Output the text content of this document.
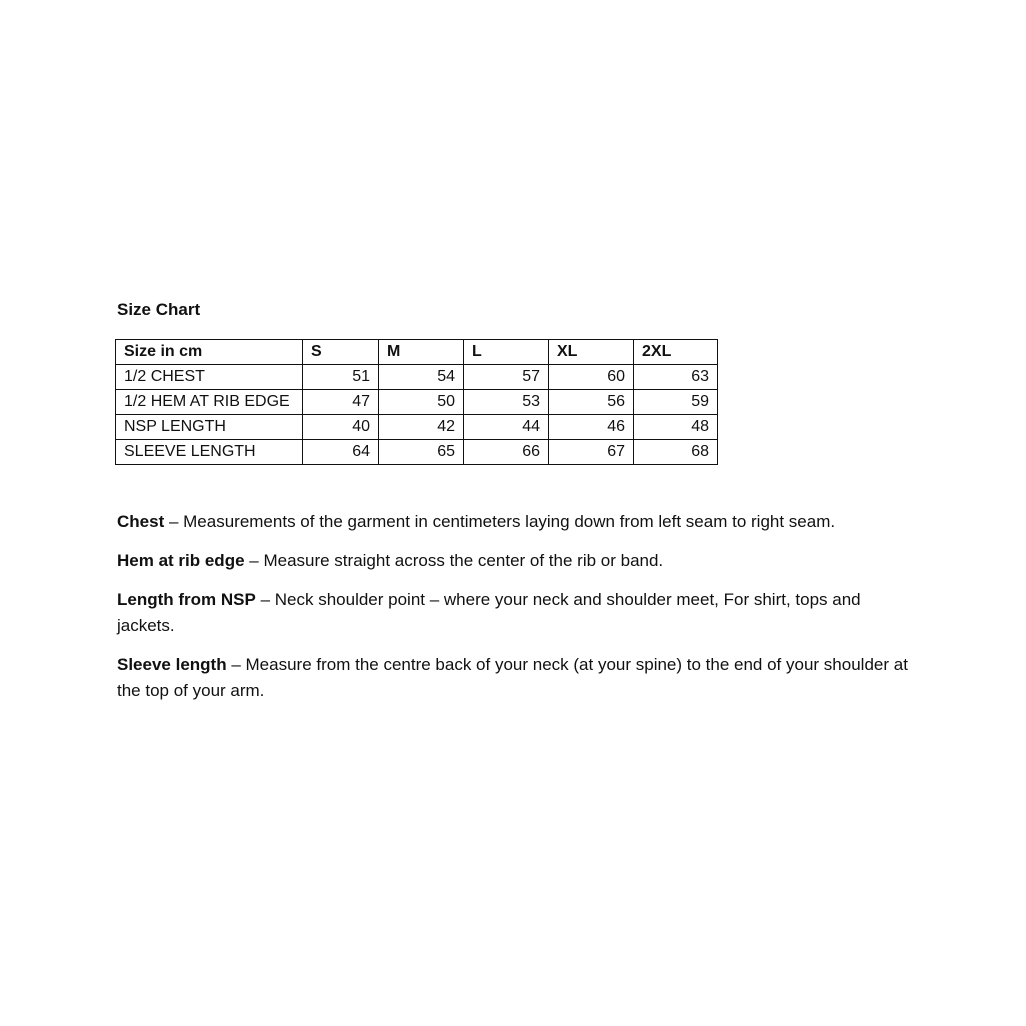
Size Chart
Size in cm	S	M	L	XL	2XL
1/2 CHEST	51	54	57	60	63
1/2 HEM AT RIB EDGE	47	50	53	56	59
NSP LENGTH	40	42	44	46	48
SLEEVE LENGTH	64	65	66	67	68

Chest – Measurements of the garment in centimeters laying down from left seam to right seam.

Hem at rib edge – Measure straight across the center of the rib or band.

Length from NSP – Neck shoulder point – where your neck and shoulder meet, For shirt, tops and jackets.

Sleeve length – Measure from the centre back of your neck (at your spine) to the end of your shoulder at the top of your arm.
